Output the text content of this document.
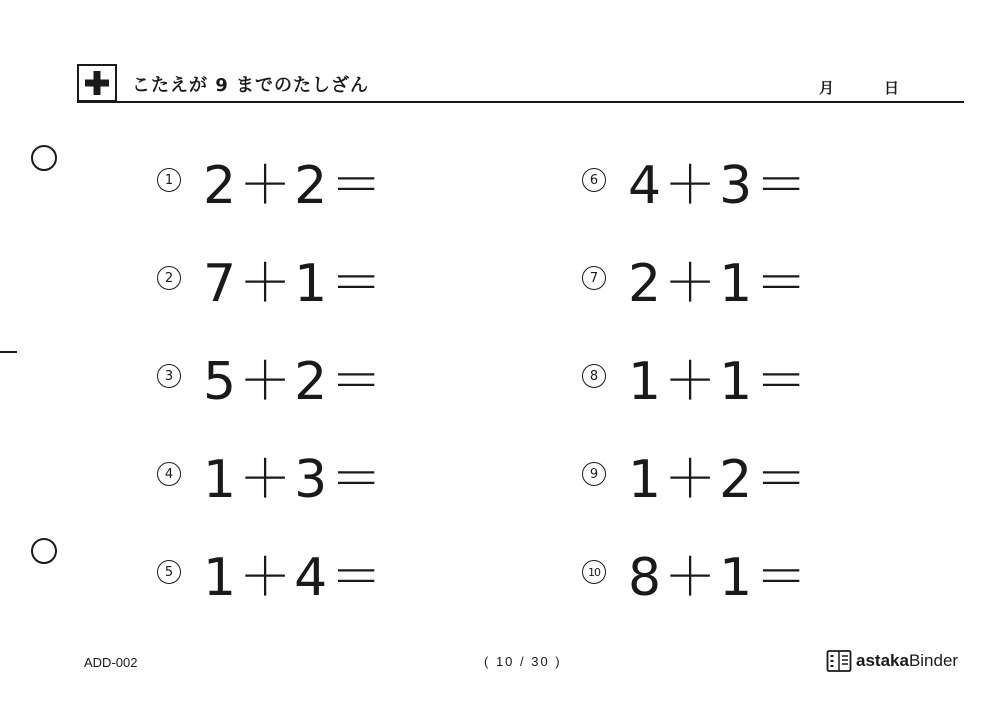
こたえが 9 までのたしざん	月	日
1 2＋2＝
2 7＋1＝
3 5＋2＝
4 1＋3＝
5 1＋4＝
6 4＋3＝
7 2＋1＝
8 1＋1＝
9 1＋2＝
10 8＋1＝
ADD-002	( 10 / 30 )	astaka Binder
